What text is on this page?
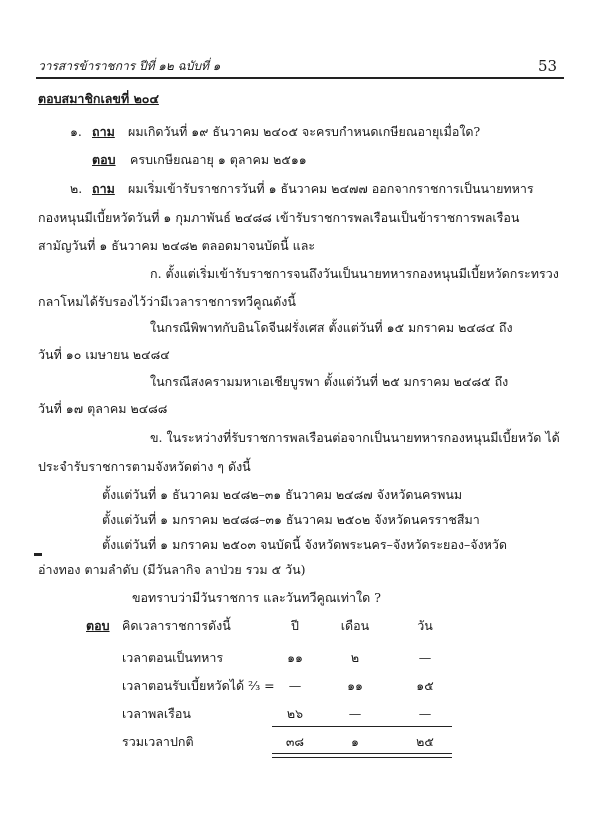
วารสารข้าราชการ ปีที่ ๑๒ ฉบับที่ ๑	53
ตอบสมาชิกเลขที่ ๒๐๔
๑. ถาม ผมเกิดวันที่ ๑๙ ธันวาคม ๒๔๐๕ จะครบกำหนดเกษียณอายุเมื่อใด?
ตอบ ครบเกษียณอายุ ๑ ตุลาคม ๒๕๑๑
๒. ถาม ผมเริ่มเข้ารับราชการวันที่ ๑ ธันวาคม ๒๔๗๗ ออกจากราชการเป็นนายทหาร
กองหนุนมีเบี้ยหวัดวันที่ ๑ กุมภาพันธ์ ๒๔๘๘ เข้ารับราชการพลเรือนเป็นข้าราชการพลเรือน
สามัญวันที่ ๑ ธันวาคม ๒๔๘๒ ตลอดมาจนบัดนี้ และ
ก. ตั้งแต่เริ่มเข้ารับราชการจนถึงวันเป็นนายทหารกองหนุนมีเบี้ยหวัดกระทรวง
กลาโหมได้รับรองไว้ว่ามีเวลาราชการทวีคูณดังนี้
ในกรณีพิพาทกับอินโดจีนฝรั่งเศส ตั้งแต่วันที่ ๑๕ มกราคม ๒๔๘๔ ถึง
วันที่ ๑๐ เมษายน ๒๔๘๔
ในกรณีสงครามมหาเอเชียบูรพา ตั้งแต่วันที่ ๒๕ มกราคม ๒๔๘๕ ถึง
วันที่ ๑๗ ตุลาคม ๒๔๘๘
ข. ในระหว่างที่รับราชการพลเรือนต่อจากเป็นนายทหารกองหนุนมีเบี้ยหวัด ได้
ประจำรับราชการตามจังหวัดต่าง ๆ ดังนี้
ตั้งแต่วันที่ ๑ ธันวาคม ๒๔๘๒–๓๑ ธันวาคม ๒๔๘๗ จังหวัดนครพนม
ตั้งแต่วันที่ ๑ มกราคม ๒๔๘๘–๓๑ ธันวาคม ๒๕๐๒ จังหวัดนครราชสีมา
ตั้งแต่วันที่ ๑ มกราคม ๒๕๐๓ จนบัดนี้ จังหวัดพระนคร–จังหวัดระยอง–จังหวัด
อ่างทอง ตามลำดับ (มีวันลากิจ ลาป่วย รวม ๕ วัน)
ขอทราบว่ามีวันราชการ และวันทวีคูณเท่าใด ?
ตอบ คิดเวลาราชการดังนี้	ปี	เดือน	วัน
เวลาตอนเป็นทหาร	๑๑	๒	—
เวลาตอนรับเบี้ยหวัดได้ ⅔ =	—	๑๑	๑๕
เวลาพลเรือน	๒๖	—	—
รวมเวลาปกติ	๓๘	๑	๒๕
